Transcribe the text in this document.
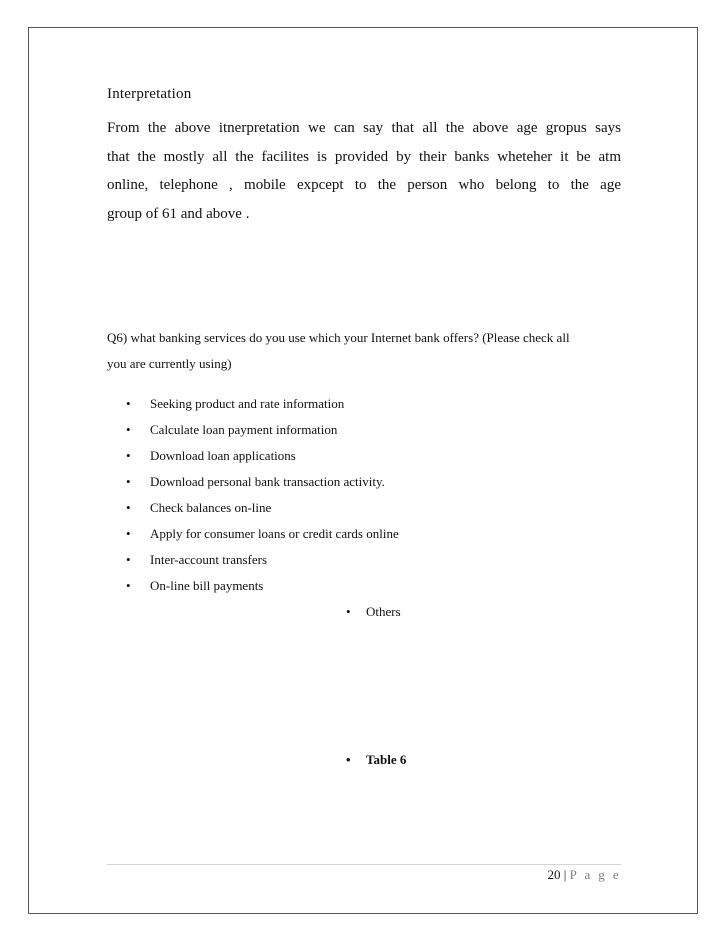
Interpretation
From the above itnerpretation we can say that all the above age gropus says
that the mostly all the facilites is provided by their banks wheteher it be atm
online, telephone , mobile expcept to the person who belong to the age
group of 61 and above .
Q6) what banking services do you use which your Internet bank offers? (Please check all
you are currently using)
•	Seeking product and rate information
•	Calculate loan payment information
•	Download loan applications
•	Download personal bank transaction activity.
•	Check balances on-line
•	Apply for consumer loans or credit cards online
•	Inter-account transfers
•	On-line bill payments
•	Others
•	Table 6
20 | P a g e
